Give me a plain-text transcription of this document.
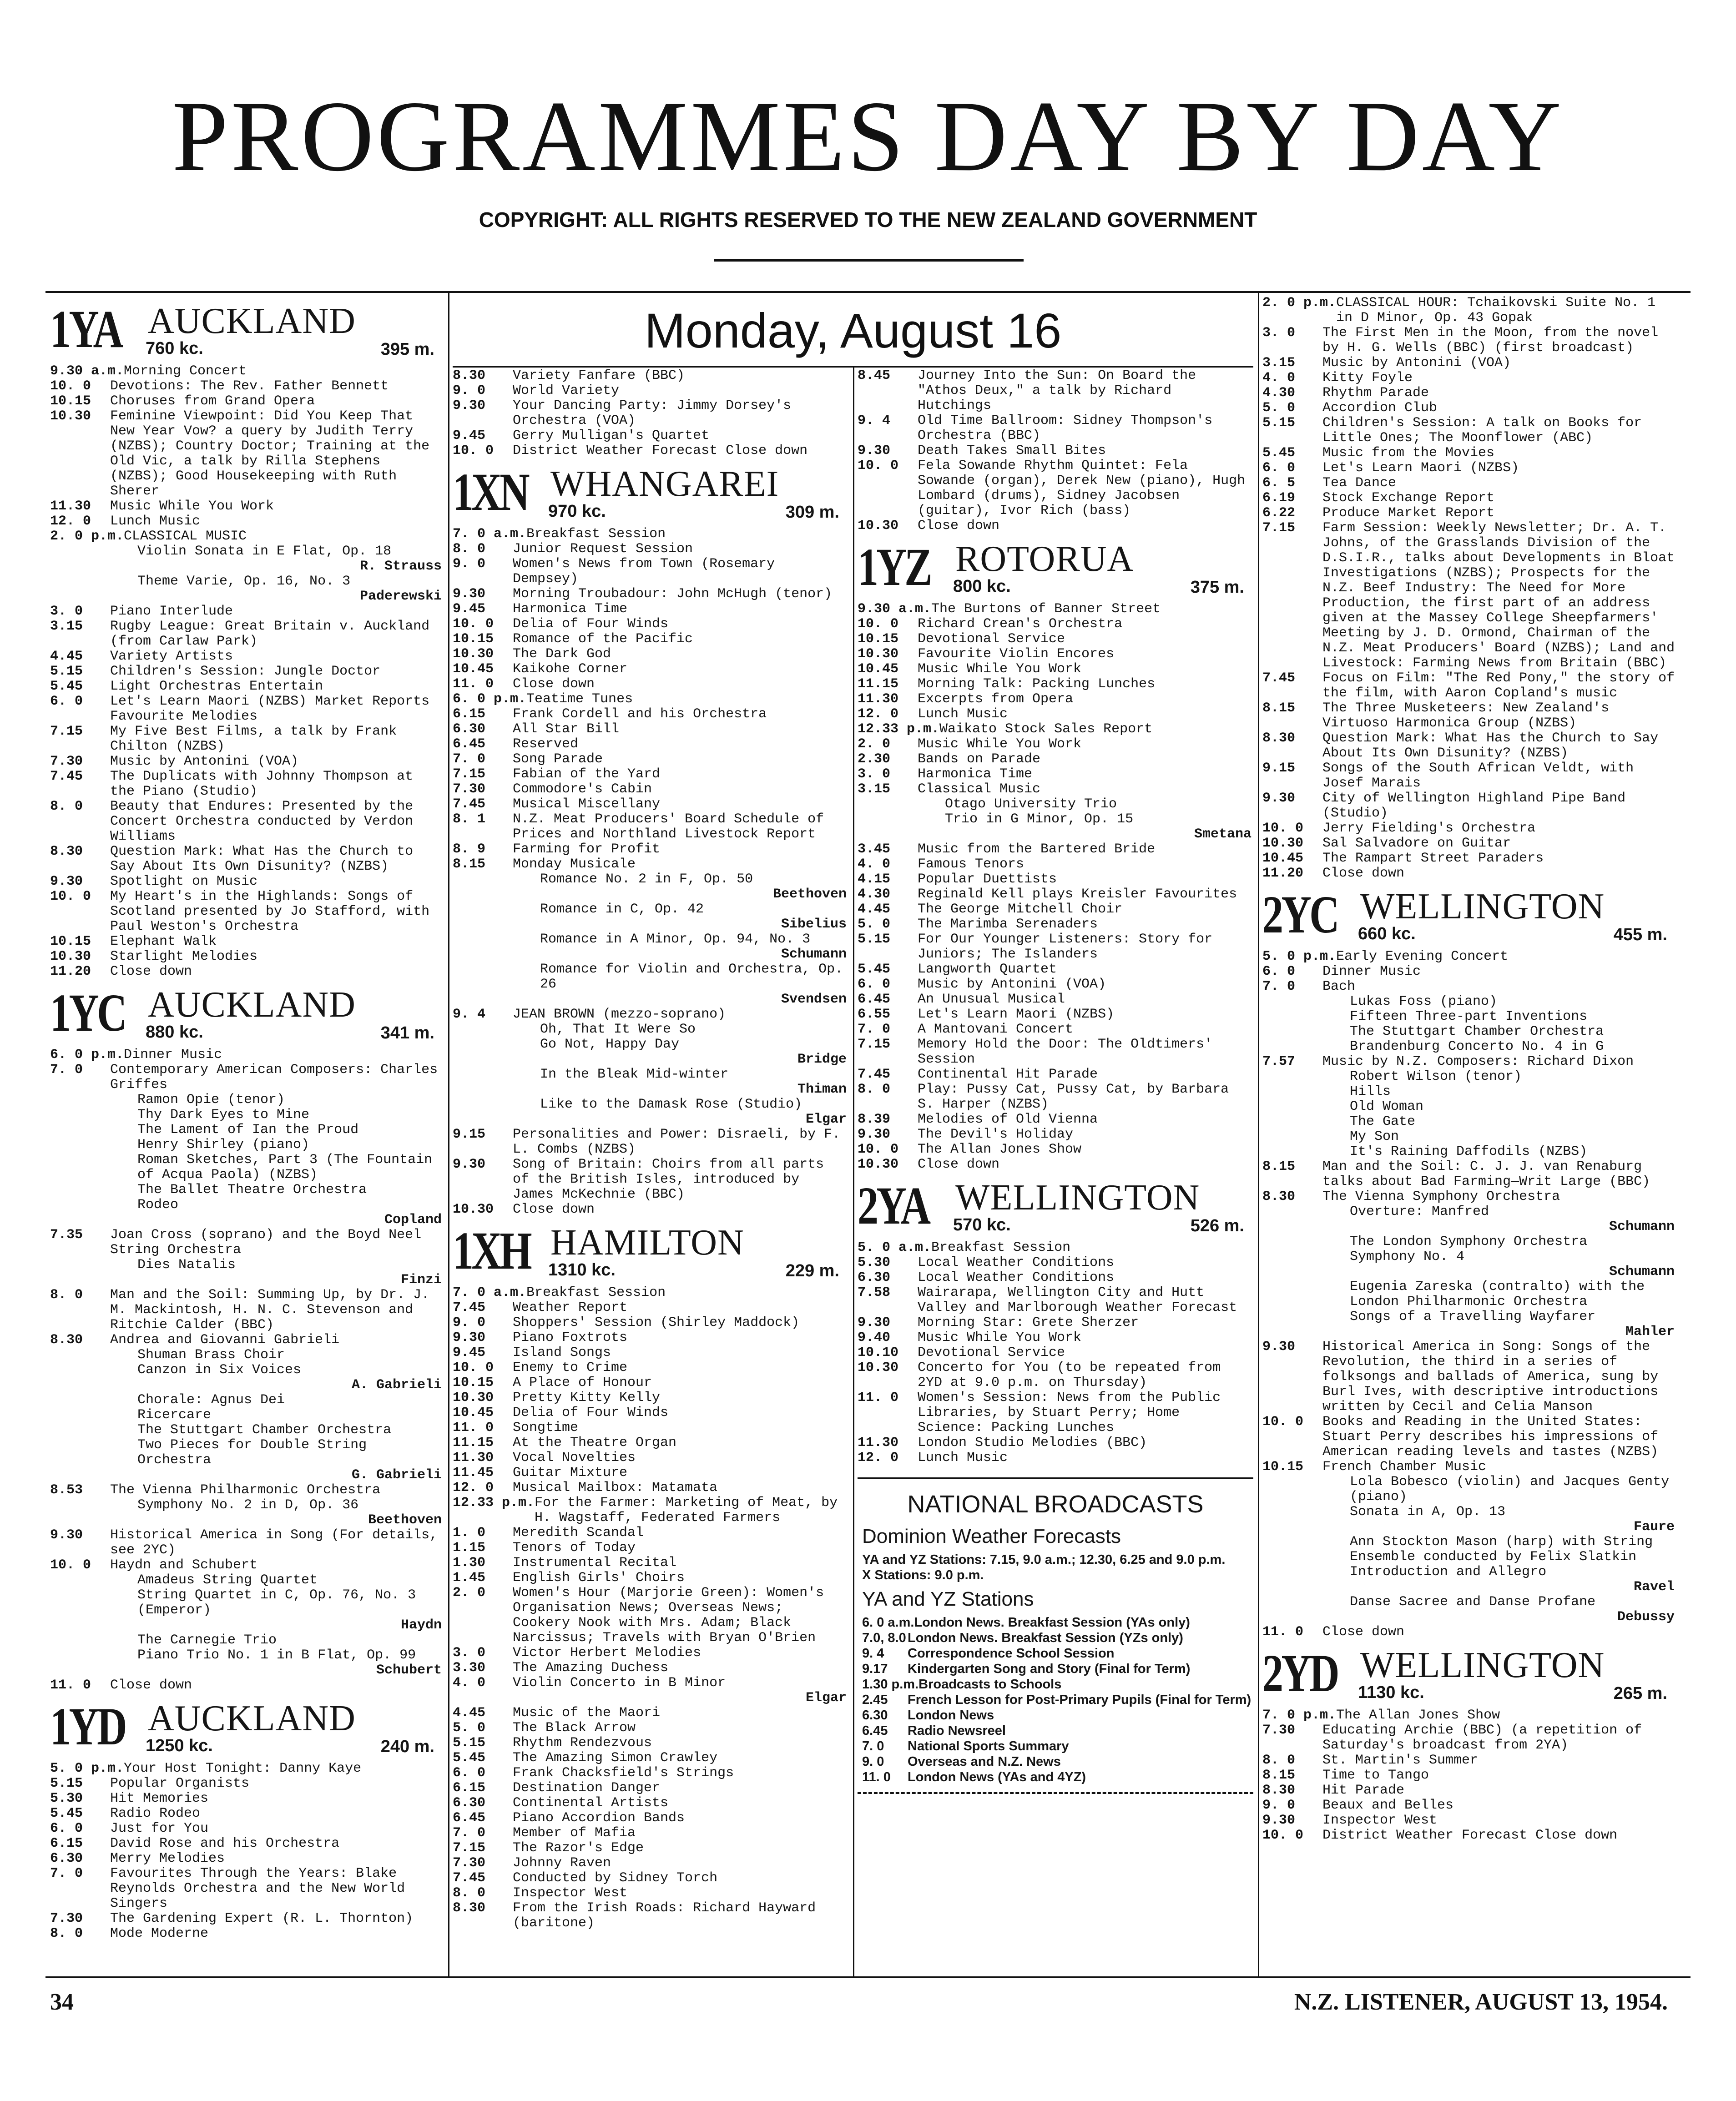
PROGRAMMES DAY BY DAY
COPYRIGHT: ALL RIGHTS RESERVED TO THE NEW ZEALAND GOVERNMENT
Monday, August 16
1YA AUCKLAND
760 kc.	395 m.
9.30 a.m. Morning Concert
10. 0	Devotions: The Rev. Father Bennett
10.15	Choruses from Grand Opera
10.30	Feminine Viewpoint: Did You Keep That New Year Vow? a query by Judith Terry (NZBS); Country Doctor; Training at the Old Vic, a talk by Rilla Stephens (NZBS); Good Housekeeping with Ruth Sherer
11.30	Music While You Work
12. 0	Lunch Music
2. 0 p.m. CLASSICAL MUSIC
Violin Sonata in E Flat, Op. 18
R. Strauss
Theme Varie, Op. 16, No. 3
Paderewski
3. 0	Piano Interlude
3.15	Rugby League: Great Britain v. Auckland (from Carlaw Park)
4.45	Variety Artists
5.15	Children's Session: Jungle Doctor
5.45	Light Orchestras Entertain
6. 0	Let's Learn Maori (NZBS) Market Reports Favourite Melodies
7.15	My Five Best Films, a talk by Frank Chilton (NZBS)
7.30	Music by Antonini (VOA)
7.45	The Duplicats with Johnny Thompson at the Piano (Studio)
8. 0	Beauty that Endures: Presented by the Concert Orchestra conducted by Verdon Williams
8.30	Question Mark: What Has the Church to Say About Its Own Disunity? (NZBS)
9.30	Spotlight on Music
10. 0	My Heart's in the Highlands: Songs of Scotland presented by Jo Stafford, with Paul Weston's Orchestra
10.15	Elephant Walk
10.30	Starlight Melodies
11.20	Close down
1YC AUCKLAND
880 kc.	341 m.
6. 0 p.m. Dinner Music
7. 0	Contemporary American Composers: Charles Griffes
Ramon Opie (tenor)
Thy Dark Eyes to Mine
The Lament of Ian the Proud
Henry Shirley (piano)
Roman Sketches, Part 3 (The Fountain of Acqua Paola) (NZBS)
The Ballet Theatre Orchestra
Rodeo
Copland
7.35	Joan Cross (soprano) and the Boyd Neel String Orchestra
Dies Natalis
Finzi
8. 0	Man and the Soil: Summing Up, by Dr. J. M. Mackintosh, H. N. C. Stevenson and Ritchie Calder (BBC)
8.30	Andrea and Giovanni Gabrieli
Shuman Brass Choir
Canzon in Six Voices
A. Gabrieli
Chorale: Agnus Dei
Ricercare
The Stuttgart Chamber Orchestra
Two Pieces for Double String Orchestra
G. Gabrieli
8.53	The Vienna Philharmonic Orchestra
Symphony No. 2 in D, Op. 36
Beethoven
9.30	Historical America in Song (For details, see 2YC)
10. 0	Haydn and Schubert
Amadeus String Quartet
String Quartet in C, Op. 76, No. 3 (Emperor)
Haydn
The Carnegie Trio
Piano Trio No. 1 in B Flat, Op. 99
Schubert
11. 0	Close down
1YD AUCKLAND
1250 kc.	240 m.
5. 0 p.m. Your Host Tonight: Danny Kaye
5.15	Popular Organists
5.30	Hit Memories
5.45	Radio Rodeo
6. 0	Just for You
6.15	David Rose and his Orchestra
6.30	Merry Melodies
7. 0	Favourites Through the Years: Blake Reynolds Orchestra and the New World Singers
7.30	The Gardening Expert (R. L. Thornton)
8. 0	Mode Moderne
8.30	Variety Fanfare (BBC)
9. 0	World Variety
9.30	Your Dancing Party: Jimmy Dorsey's Orchestra (VOA)
9.45	Gerry Mulligan's Quartet
10. 0	District Weather Forecast Close down
1XN WHANGAREI
970 kc.	309 m.
7. 0 a.m. Breakfast Session
8. 0	Junior Request Session
9. 0	Women's News from Town (Rosemary Dempsey)
9.30	Morning Troubadour: John McHugh (tenor)
9.45	Harmonica Time
10. 0	Delia of Four Winds
10.15	Romance of the Pacific
10.30	The Dark God
10.45	Kaikohe Corner
11. 0	Close down
6. 0 p.m. Teatime Tunes
6.15	Frank Cordell and his Orchestra
6.30	All Star Bill
6.45	Reserved
7. 0	Song Parade
7.15	Fabian of the Yard
7.30	Commodore's Cabin
7.45	Musical Miscellany
8. 1	N.Z. Meat Producers' Board Schedule of Prices and Northland Livestock Report
8. 9	Farming for Profit
8.15	Monday Musicale
Romance No. 2 in F, Op. 50
Beethoven
Romance in C, Op. 42
Sibelius
Romance in A Minor, Op. 94, No. 3
Schumann
Romance for Violin and Orchestra, Op. 26
Svendsen
9. 4	JEAN BROWN (mezzo-soprano)
Oh, That It Were So
Go Not, Happy Day
Bridge
In the Bleak Mid-winter
Thiman
Like to the Damask Rose (Studio)
Elgar
9.15	Personalities and Power: Disraeli, by F. L. Combs (NZBS)
9.30	Song of Britain: Choirs from all parts of the British Isles, introduced by James McKechnie (BBC)
10.30	Close down
1XH HAMILTON
1310 kc.	229 m.
7. 0 a.m. Breakfast Session
7.45	Weather Report
9. 0	Shoppers' Session (Shirley Maddock)
9.30	Piano Foxtrots
9.45	Island Songs
10. 0	Enemy to Crime
10.15	A Place of Honour
10.30	Pretty Kitty Kelly
10.45	Delia of Four Winds
11. 0	Songtime
11.15	At the Theatre Organ
11.30	Vocal Novelties
11.45	Guitar Mixture
12. 0	Musical Mailbox: Matamata
12.33 p.m. For the Farmer: Marketing of Meat, by H. Wagstaff, Federated Farmers
1. 0	Meredith Scandal
1.15	Tenors of Today
1.30	Instrumental Recital
1.45	English Girls' Choirs
2. 0	Women's Hour (Marjorie Green): Women's Organisation News; Overseas News; Cookery Nook with Mrs. Adam; Black Narcissus; Travels with Bryan O'Brien
3. 0	Victor Herbert Melodies
3.30	The Amazing Duchess
4. 0	Violin Concerto in B Minor
Elgar
4.45	Music of the Maori
5. 0	The Black Arrow
5.15	Rhythm Rendezvous
5.45	The Amazing Simon Crawley
6. 0	Frank Chacksfield's Strings
6.15	Destination Danger
6.30	Continental Artists
6.45	Piano Accordion Bands
7. 0	Member of Mafia
7.15	The Razor's Edge
7.30	Johnny Raven
7.45	Conducted by Sidney Torch
8. 0	Inspector West
8.30	From the Irish Roads: Richard Hayward (baritone)
8.45	Journey Into the Sun: On Board the "Athos Deux," a talk by Richard Hutchings
9. 4	Old Time Ballroom: Sidney Thompson's Orchestra (BBC)
9.30	Death Takes Small Bites
10. 0	Fela Sowande Rhythm Quintet: Fela Sowande (organ), Derek New (piano), Hugh Lombard (drums), Sidney Jacobsen (guitar), Ivor Rich (bass)
10.30	Close down
1YZ ROTORUA
800 kc.	375 m.
9.30 a.m. The Burtons of Banner Street
10. 0	Richard Crean's Orchestra
10.15	Devotional Service
10.30	Favourite Violin Encores
10.45	Music While You Work
11.15	Morning Talk: Packing Lunches
11.30	Excerpts from Opera
12. 0	Lunch Music
12.33 p.m. Waikato Stock Sales Report
2. 0	Music While You Work
2.30	Bands on Parade
3. 0	Harmonica Time
3.15	Classical Music
Otago University Trio
Trio in G Minor, Op. 15
Smetana
3.45	Music from the Bartered Bride
4. 0	Famous Tenors
4.15	Popular Duettists
4.30	Reginald Kell plays Kreisler Favourites
4.45	The George Mitchell Choir
5. 0	The Marimba Serenaders
5.15	For Our Younger Listeners: Story for Juniors; The Islanders
5.45	Langworth Quartet
6. 0	Music by Antonini (VOA)
6.45	An Unusual Musical
6.55	Let's Learn Maori (NZBS)
7. 0	A Mantovani Concert
7.15	Memory Hold the Door: The Oldtimers' Session
7.45	Continental Hit Parade
8. 0	Play: Pussy Cat, Pussy Cat, by Barbara S. Harper (NZBS)
8.39	Melodies of Old Vienna
9.30	The Devil's Holiday
10. 0	The Allan Jones Show
10.30	Close down
2YA WELLINGTON
570 kc.	526 m.
5. 0 a.m. Breakfast Session
5.30	Local Weather Conditions
6.30	Local Weather Conditions
7.58	Wairarapa, Wellington City and Hutt Valley and Marlborough Weather Forecast
9.30	Morning Star: Grete Sherzer
9.40	Music While You Work
10.10	Devotional Service
10.30	Concerto for You (to be repeated from 2YD at 9.0 p.m. on Thursday)
11. 0	Women's Session: News from the Public Libraries, by Stuart Perry; Home Science: Packing Lunches
11.30	London Studio Melodies (BBC)
12. 0	Lunch Music
NATIONAL BROADCASTS
Dominion Weather Forecasts
YA and YZ Stations: 7.15, 9.0 a.m.; 12.30, 6.25 and 9.0 p.m.
X Stations: 9.0 p.m.
YA and YZ Stations
6. 0 a.m. London News. Breakfast Session (YAs only)
7.0, 8.0 London News. Breakfast Session (YZs only)
9. 4	Correspondence School Session
9.17	Kindergarten Song and Story (Final for Term)
1.30 p.m. Broadcasts to Schools
2.45	French Lesson for Post-Primary Pupils (Final for Term)
6.30	London News
6.45	Radio Newsreel
7. 0	National Sports Summary
9. 0	Overseas and N.Z. News
11. 0	London News (YAs and 4YZ)
2. 0 p.m. CLASSICAL HOUR: Tchaikovski Suite No. 1 in D Minor, Op. 43 Gopak
3. 0	The First Men in the Moon, from the novel by H. G. Wells (BBC) (first broadcast)
3.15	Music by Antonini (VOA)
4. 0	Kitty Foyle
4.30	Rhythm Parade
5. 0	Accordion Club
5.15	Children's Session: A talk on Books for Little Ones; The Moonflower (ABC)
5.45	Music from the Movies
6. 0	Let's Learn Maori (NZBS)
6. 5	Tea Dance
6.19	Stock Exchange Report
6.22	Produce Market Report
7.15	Farm Session: Weekly Newsletter; Dr. A. T. Johns, of the Grasslands Division of the D.S.I.R., talks about Developments in Bloat Investigations (NZBS); Prospects for the N.Z. Beef Industry: The Need for More Production, the first part of an address given at the Massey College Sheepfarmers' Meeting by J. D. Ormond, Chairman of the N.Z. Meat Producers' Board (NZBS); Land and Livestock: Farming News from Britain (BBC)
7.45	Focus on Film: "The Red Pony," the story of the film, with Aaron Copland's music
8.15	The Three Musketeers: New Zealand's Virtuoso Harmonica Group (NZBS)
8.30	Question Mark: What Has the Church to Say About Its Own Disunity? (NZBS)
9.15	Songs of the South African Veldt, with Josef Marais
9.30	City of Wellington Highland Pipe Band (Studio)
10. 0	Jerry Fielding's Orchestra
10.30	Sal Salvadore on Guitar
10.45	The Rampart Street Paraders
11.20	Close down
2YC WELLINGTON
660 kc.	455 m.
5. 0 p.m. Early Evening Concert
6. 0	Dinner Music
7. 0	Bach
Lukas Foss (piano)
Fifteen Three-part Inventions
The Stuttgart Chamber Orchestra
Brandenburg Concerto No. 4 in G
7.57	Music by N.Z. Composers: Richard Dixon
Robert Wilson (tenor)
Hills
Old Woman
The Gate
My Son
It's Raining Daffodils (NZBS)
8.15	Man and the Soil: C. J. J. van Renaburg talks about Bad Farming—Writ Large (BBC)
8.30	The Vienna Symphony Orchestra
Overture: Manfred
Schumann
The London Symphony Orchestra
Symphony No. 4
Schumann
Eugenia Zareska (contralto) with the London Philharmonic Orchestra
Songs of a Travelling Wayfarer
Mahler
9.30	Historical America in Song: Songs of the Revolution, the third in a series of folksongs and ballads of America, sung by Burl Ives, with descriptive introductions written by Cecil and Celia Manson
10. 0	Books and Reading in the United States: Stuart Perry describes his impressions of American reading levels and tastes (NZBS)
10.15	French Chamber Music
Lola Bobesco (violin) and Jacques Genty (piano)
Sonata in A, Op. 13
Faure
Ann Stockton Mason (harp) with String Ensemble conducted by Felix Slatkin
Introduction and Allegro
Ravel
Danse Sacree and Danse Profane
Debussy
11. 0	Close down
2YD WELLINGTON
1130 kc.	265 m.
7. 0 p.m. The Allan Jones Show
7.30	Educating Archie (BBC) (a repetition of Saturday's broadcast from 2YA)
8. 0	St. Martin's Summer
8.15	Time to Tango
8.30	Hit Parade
9. 0	Beaux and Belles
9.30	Inspector West
10. 0	District Weather Forecast Close down
34	N.Z. LISTENER, AUGUST 13, 1954.
